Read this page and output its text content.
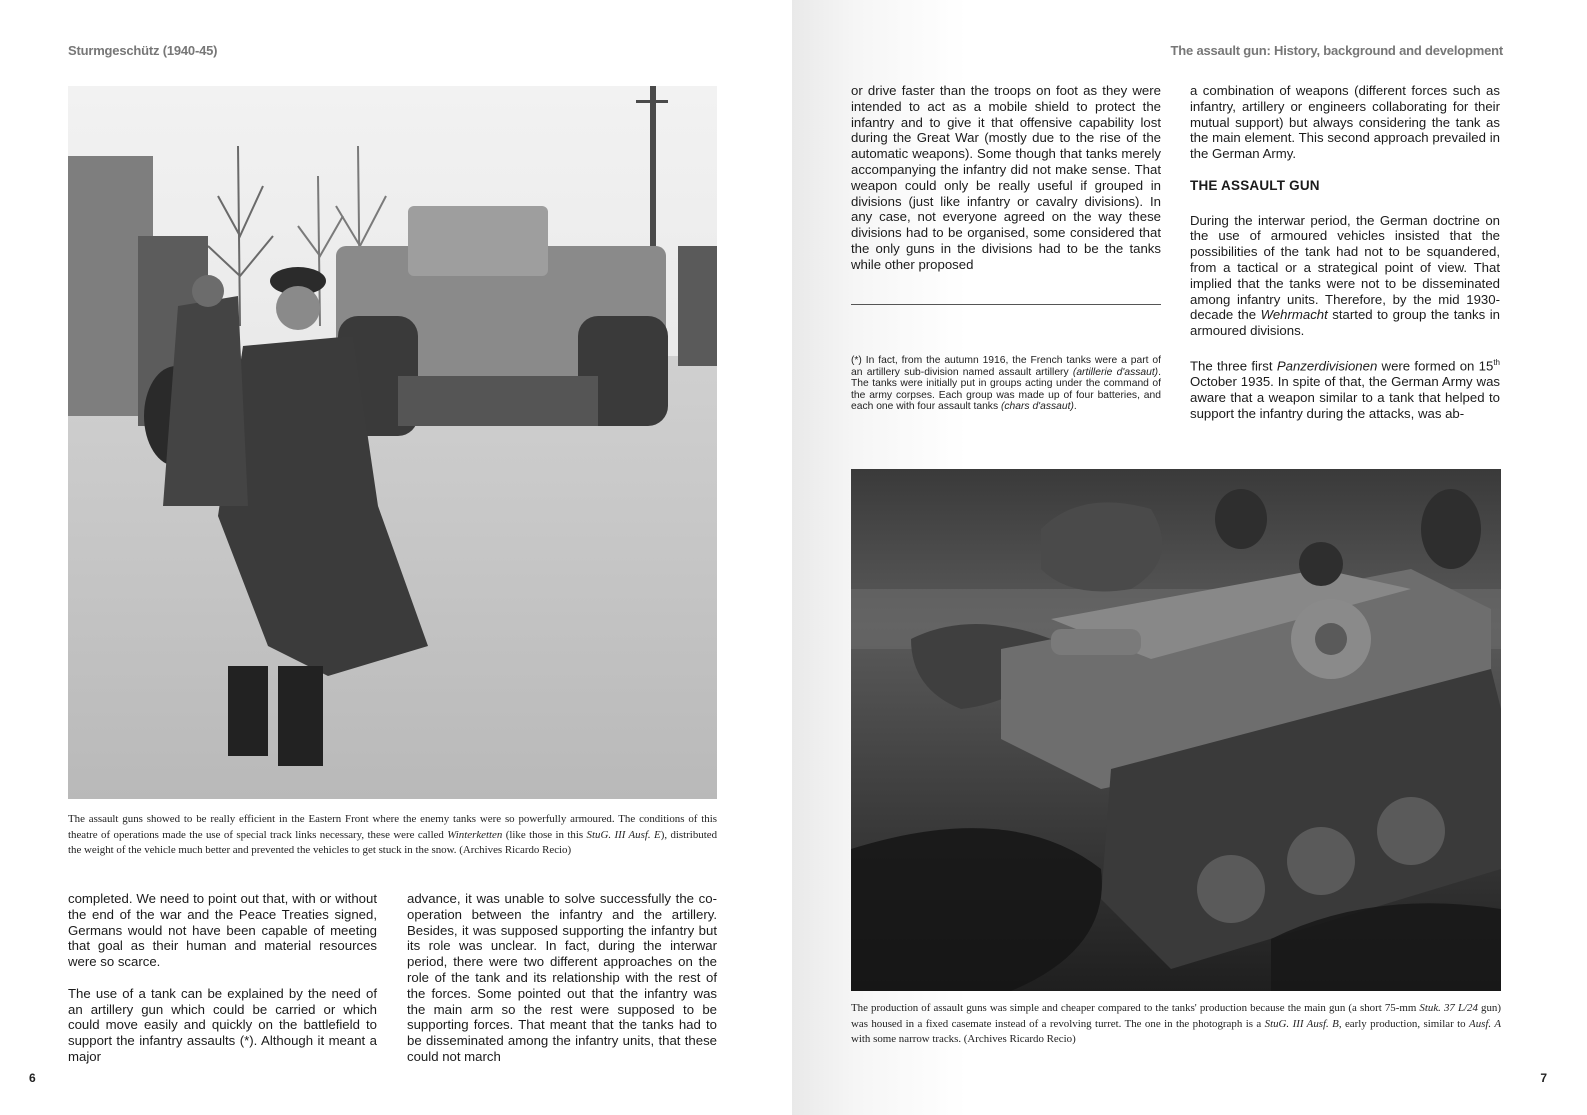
Sturmgeschütz (1940-45)
The assault guns showed to be really efficient in the Eastern Front where the enemy tanks were so powerfully armoured. The conditions of this theatre of operations made the use of special track links necessary, these were called Winterketten (like those in this StuG. III Ausf. E), distributed the weight of the vehicle much better and prevented the vehicles to get stuck in the snow. (Archives Ricardo Recio)

completed. We need to point out that, with or without the end of the war and the Peace Treaties signed, Germans would not have been capable of meeting that goal as their human and material resources were so scarce.

The use of a tank can be explained by the need of an artillery gun which could be carried or which could move easily and quickly on the battlefield to support the infantry assaults (*). Although it meant a major

advance, it was unable to solve successfully the co-operation between the infantry and the artillery. Besides, it was supposed supporting the infantry but its role was unclear. In fact, during the interwar period, there were two different approaches on the role of the tank and its relationship with the rest of the forces. Some pointed out that the infantry was the main arm so the rest were supposed to be supporting forces. That meant that the tanks had to be disseminated among the infantry units, that these could not march

6
The assault gun: History, background and development

or drive faster than the troops on foot as they were intended to act as a mobile shield to protect the infantry and to give it that offensive capability lost during the Great War (mostly due to the rise of the automatic weapons). Some though that tanks merely accompanying the infantry did not make sense. That weapon could only be really useful if grouped in divisions (just like infantry or cavalry divisions). In any case, not everyone agreed on the way these divisions had to be organised, some considered that the only guns in the divisions had to be the tanks while other proposed

(*) In fact, from the autumn 1916, the French tanks were a part of an artillery sub-division named assault artillery (artillerie d'assaut). The tanks were initially put in groups acting under the command of the army corpses. Each group was made up of four batteries, and each one with four assault tanks (chars d'assaut).

a combination of weapons (different forces such as infantry, artillery or engineers collaborating for their mutual support) but always considering the tank as the main element. This second approach prevailed in the German Army.

THE ASSAULT GUN

During the interwar period, the German doctrine on the use of armoured vehicles insisted that the possibilities of the tank had not to be squandered, from a tactical or a strategical point of view. That implied that the tanks were not to be disseminated among infantry units. Therefore, by the mid 1930-decade the Wehrmacht started to group the tanks in armoured divisions.

The three first Panzerdivisionen were formed on 15th October 1935. In spite of that, the German Army was aware that a weapon similar to a tank that helped to support the infantry during the attacks, was ab-

The production of assault guns was simple and cheaper compared to the tanks' production because the main gun (a short 75-mm Stuk. 37 L/24 gun) was housed in a fixed casemate instead of a revolving turret. The one in the photograph is a StuG. III Ausf. B, early production, similar to Ausf. A with some narrow tracks. (Archives Ricardo Recio)
7
